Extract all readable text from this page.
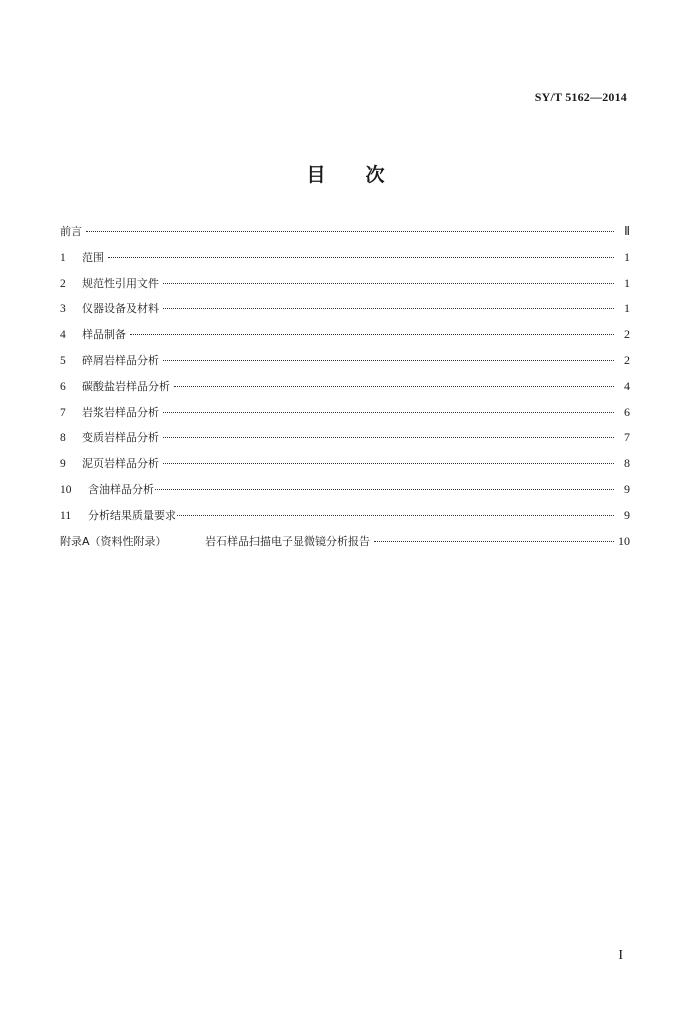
SY/T 5162—2014
目 次
前言	Ⅱ
1	范围	1
2	规范性引用文件	1
3	仪器设备及材料	1
4	样品制备	2
5	碎屑岩样品分析	2
6	碳酸盐岩样品分析	4
7	岩浆岩样品分析	6
8	变质岩样品分析	7
9	泥页岩样品分析	8
10	含油样品分析	9
11	分析结果质量要求	9
附录A（资料性附录）	岩石样品扫描电子显微镜分析报告	10
I
